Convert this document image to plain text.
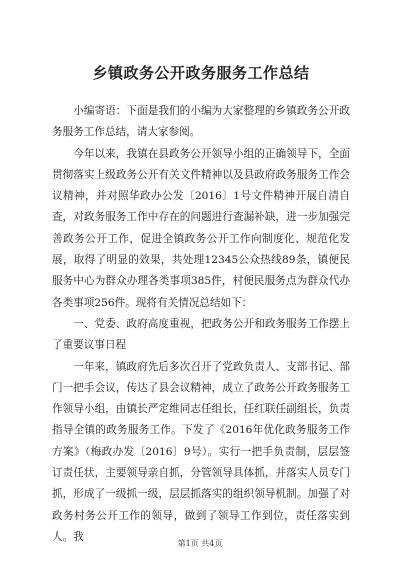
乡镇政务公开政务服务工作总结

小编寄语：下面是我们的小编为大家整理的乡镇政务公开政务服务工作总结，请大家参阅。

今年以来，我镇在县政务公开领导小组的正确领导下，全面贯彻落实上级政务公开有关文件精神以及县政府政务服务工作会议精神，并对照华政办公发〔2016〕1号文件精神开展自清自查，对政务服务工作中存在的问题进行查漏补缺，进一步加强完善政务公开工作，促进全镇政务公开工作向制度化、规范化发展，取得了明显的效果，共处理12345公众热线89条，镇便民服务中心为群众办理各类事项385件，村便民服务点为群众代办各类事项256件。现将有关情况总结如下：

一、党委、政府高度重视，把政务公开和政务服务工作摆上了重要议事日程

一年来，镇政府先后多次召开了党政负责人、支部书记、部门一把手会议，传达了县会议精神，成立了政务公开政务服务工作领导小组，由镇长严定维同志任组长，任红联任副组长，负责指导全镇的政务服务工作。下发了《2016年优化政务服务工作方案》（梅政办发〔2016〕9号）。实行一把手负责制，层层签订责任状，主要领导亲自抓，分管领导具体抓，并落实人员专门抓，形成了一级抓一级，层层抓落实的组织领导机制。加强了对政务村务公开工作的领导，做到了领导工作到位，责任落实到人。我

第1页 共4页
